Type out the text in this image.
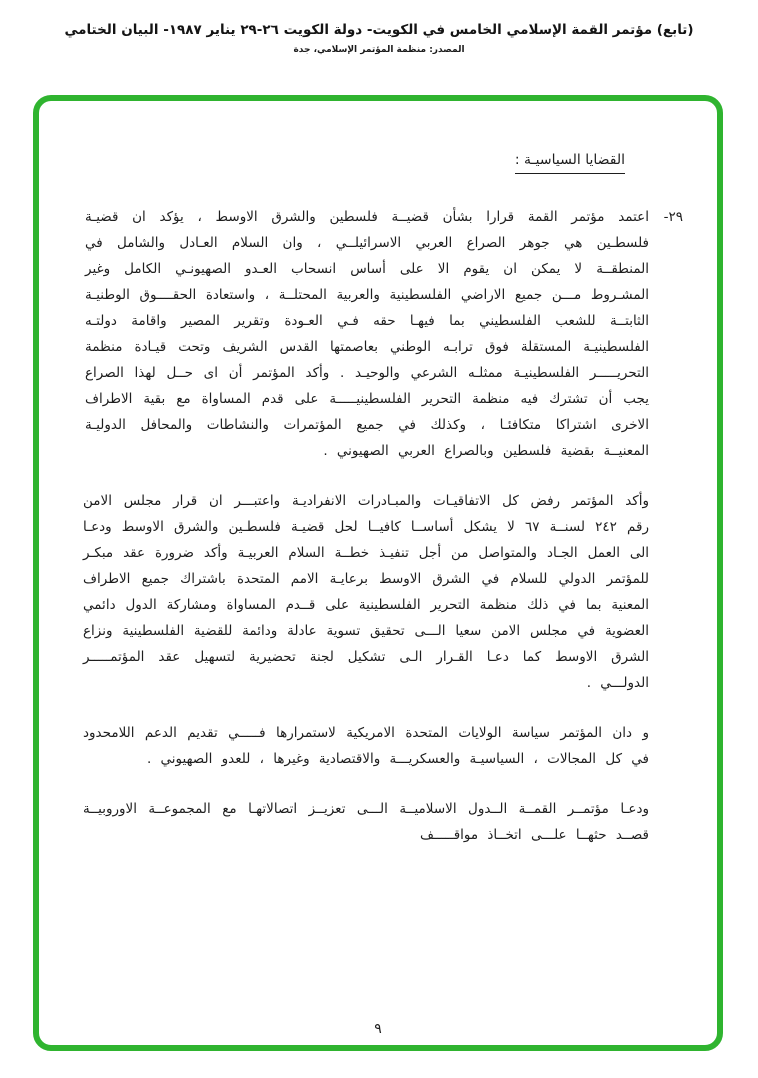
(تابع) مؤتمر القمة الإسلامي الخامس في الكويت- دولة الكويت ٢٦-٢٩ يناير ١٩٨٧- البيان الختامي
المصدر: منظمة المؤتمر الإسلامي، جدة
القضايا السياسيـة :
٢٩-
اعتمد مؤتمر القمة قرارا بشأن قضيــة فلسطين والشرق الاوسط ، يؤكد ان قضيـة فلسطـين هي جوهر الصراع العربي الاسرائيلــي ، وان السلام العـادل والشامل في المنطقــة لا يمكن ان يقوم الا على أساس انسحاب العـدو الصهيونـي الكامل وغير المشـروط مـــن جميع الاراضي الفلسطينية والعربية المحتلــة ، واستعادة الحقــــوق الوطنيـة الثابتــة للشعب الفلسطيني بما فيهـا حقه فـي العـودة وتقرير المصير واقامة دولتـه الفلسطينيـة المستقلة فوق ترابـه الوطني بعاصمتها القدس الشريف وتحت قيـادة منظمة التحريـــــر الفلسطينيـة ممثلـه الشرعي والوحيـد . وأكد المؤتمر أن اى حــل لهذا الصراع يجب أن تشترك فيه منظمة التحرير الفلسطينيـــــة على قدم المساواة مع بقية الاطراف الاخرى اشتراكا متكافئـا ، وكذلك في جميع المؤتمرات والنشاطات والمحافل الدوليـة المعنيــة بقضية فلسطين وبالصراع العربي الصهيوني .
وأكد المؤتمر رفض كل الاتفاقيـات والمبـادرات الانفراديـة واعتبـــر ان قرار مجلس الامن رقم ٢٤٢ لسنــة ٦٧ لا يشكل أساســا كافيــا لحل قضيـة فلسطـين والشرق الاوسط ودعـا الى العمل الجـاد والمتواصل من أجل تنفيـذ خطــة السلام العربيـة وأكد ضرورة عقد مبكـر للمؤتمر الدولي للسلام في الشرق الاوسط برعايـة الامم المتحدة باشتراك جميع الاطراف المعنية بما في ذلك منظمة التحرير الفلسطينية على قــدم المساواة ومشاركة الدول دائمي العضوية في مجلس الامن سعيا الـــى تحقيق تسوية عادلة ودائمة للقضية الفلسطينية ونزاع الشرق الاوسط كما دعـا القـرار الـى تشكيل لجنة تحضيرية لتسهيل عقد المؤتمـــــر الدولـــي .
و دان المؤتمر سياسة الولايات المتحدة الامريكية لاستمرارها فـــــي تقديم الدعم اللامحدود في كل المجالات ، السياسيـة والعسكريـــة والاقتصادية وغيرها ، للعدو الصهيوني .
ودعـا مؤتمــر القمــة الــدول الاسلاميــة الـــى تعزيــز اتصالاتهـا مع المجموعــة الاوروبيــة قصــد حثهــا علـــى اتخــاذ مواقـــــف
٩
